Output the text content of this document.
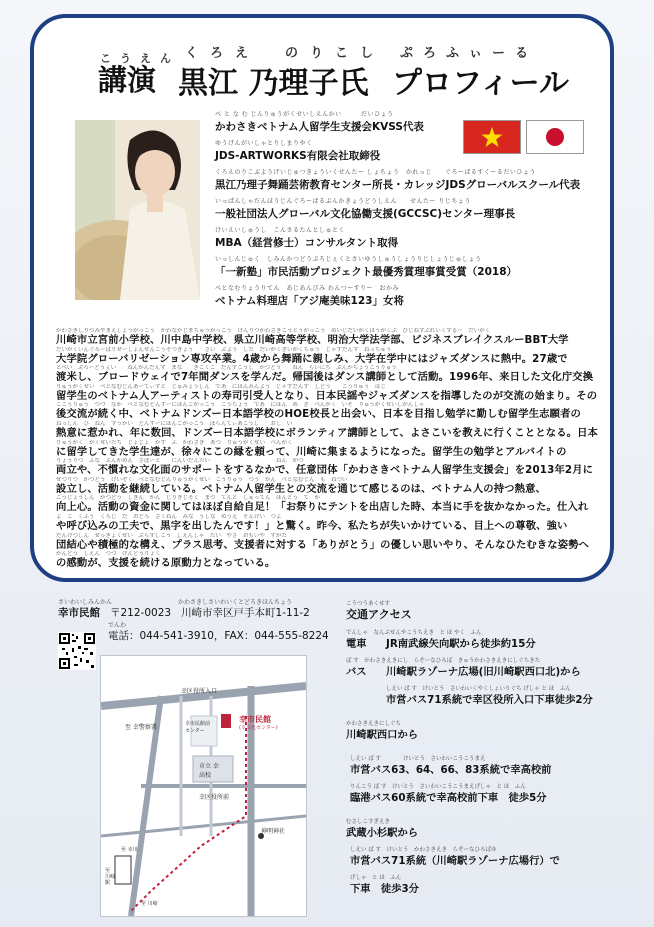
こうえん くろえ　のりこし ぷろふぃーる
講演 黒江 乃理子氏 プロフィール
べ と な む じんりゅうがくせいしえんかい　　　だいひょう
かわさきベトナム人留学生支援会KVSS代表
ゆうげんがいしゃとりしまりやく
JDS-ARTWORKS有限会社取締役
くろえのりこぶようげいじゅつきょういくせんたー しょちょう　かれっじ　　ぐろーばるすくーるだいひょう
黒江乃理子舞踊芸術教育センター所長・カレッジJDSグローバルスクール代表
いっぱんしゃだんほうじんぐろーばるぶんかきょうどうしえん　　せんたー りじちょう
一般社団法人グローバル文化協働支援(GCCSC)センター理事長
けいえいしゅうし　こんさるたんとしゅとく
MBA（経営修士）コンサルタント取得
いっしんじゅく　しみんかつどうぷろじぇくとさいゆうしゅうしょうりじしょうじゅしょう
「一新塾」市民活動プロジェクト最優秀賞理事賞受賞（2018）
べとなむりょうりてん　あじあんびみ わんつーすりー　おかみ
ベトナム料理店「アジ庵美味123」女将
かわさきしりつみやまえしょうがっこう　かわなかじまちゅうがっこう　けんりつかわさきこうとうがっこう　めいじだいがくほうがくぶ　びじねすぶれいくするー　だいがく
川崎市立宮前小学校、川中島中学校、県立川崎高等学校、明治大学法学部、ビジネスブレイクスルーBBT大学
だいがくいんぐろーばりぜーしょんせんこうそつぎょう　　さい　ぶよう　した　だいがくざいがくちゅう　じゃずだんす　ねっちゅう
大学院グローバリゼーション専攻卒業。4歳から舞踊に親しみ、大学在学中にはジャズダンスに熱中。27歳で
とべい　ぶろーどうぇい　　ねんかんだんす　まな　　きこくご　だんすこうし　かつどう　　ねん　らいにち　ぶんかちょうこうりゅう
渡米し、ブロードウェイで7年間ダンスを学んだ。帰国後はダンス講師として活動。1996年、来日した文化庁交換
りゅうがくせい　べとなむじんあーてぃすと　じゅみょうしん　であ　にほんみんよう　じゃずだんす　しどう　　こうりゅう　はじ
留学生のベトナム人アーティストの寿司引受人となり、日本民謡やジャズダンスを指導したのが交流の始まり。その
ごこうりゅう　つづ　なか　べとなむどんずーにほんごがっこう　こうちょう　であ　にほん　め　ざ　べんがく　いそ　りゅうがくせいしがんしゃ
後交流が続く中、ベトナムドンズー日本語学校のHOE校長と出会い、日本を目指し勉学に勤しむ留学生志願者の
ねっしん　ひ　ねん　すうかい　どんずーにほんごがっこう　ぼらんてぃあこうし　　おし　い
熱意に惹かれ、年に数回、ドンズー日本語学校にボランティア講師として、よさこいを教えに行くこととなる。日本
りゅうがく　がくせいたち　じょじょ　かず　ふ　かわさき　あつ　りゅうがくせい　べんがく
に留学してきた学生達が、徐々にこの縁を頼って、川崎に集まるようになった。留学生の勉学とアルバイトの
りょうりつ　ふな　ぶんかめん　さぽーと　　にんいだんたい　　　　　　　　　　　　ねん　がつ
両立や、不慣れな文化面のサポートをするなかで、任意団体「かわさきベトナム人留学生支援会」を2013年2月に
せつりつ　かつどう　けいぞく　べとなむじんりゅうがくせい　こうりゅう　つう　かん　べとなむじん　も　ねつい
設立し、活動を継続している。ベトナム人留学生との交流を通じて感じるのは、ベトナム人の持つ熱意、
こうじょうしん　かつどう　しきん　かん　じりきじそく　まつ　てんと　しゅってん　ほんとう　て　か
向上心。活動の資金に関してはほぼ自給自足！「お祭りにテントを出店した時、本当に手を抜かなかった。仕入れ
よ　こ　くふう　くろじ　だ　おどろ　さくねん　みな　うしな　めうえ　そんけい　つよ
や呼び込みの工夫で、黒字を出したんです！」と驚く。昨今、私たちが失いかけている、目上への尊敬、強い
だんけつしん　せっきょくせい　ぶらすしこう　しえんしゃ　たい　やさ　おもいや　すがた
団結心や積極的な構え、プラス思考、支援者に対する「ありがとう」の優しい思いやり、そんなひたむきな姿勢へ
かんどう　しえん　つづ　げんどうりょく
の感動が、支援を続ける原動力となっている。
さいわいしみんかん
幸市民館 〒212-0023 川崎市幸区戸手本町1-11-2
かわさきしさいわいくとどろきほんちょう
でんわ
電話：044-541-3910，FAX：044-555-8224
幸区役所入口
幸市民館
(幸文化センター)
至 幸警察署	幸市民館前 センター
市立 幸高校
幸区役所前
神明神社
至 幸川
至 川崎
至 川崎駅
こうつうあくせす
交通アクセス
でんしゃ　なんぶせんやこうちえき　と ほ やく　ふん
電車 JR南武線矢向駅から徒歩約15分
ば す　かわさきえきにし　らぞーなひろば　きゅうかわさきえきにしぐちきた
バス 川崎駅ラゾーナ広場(旧川崎駅西口北)から
しえい ば す　けいとう　さいわいくやくしょいりぐち げしゃ と ほ　ふん
市営バス71系統で幸区役所入口下車徒歩2分
かわさきえきにしぐち
川崎駅西口から
しえい ば す　　　　けいとう　さいわいこうこうまえ
市営バス63、64、66、83系統で幸高校前
りんこう ば す　けいとう　さいわいこうこうまえげしゃ　と ほ　ふん
臨港バス60系統で幸高校前下車　徒歩5分
むさしこすぎえき
武蔵小杉駅から
しえい ば す　けいとう　かわさきえき　らぞーなひろばゆ
市営バス71系統（川崎駅ラゾーナ広場行）で
げしゃ　と ほ　ふん
下車　徒歩3分
